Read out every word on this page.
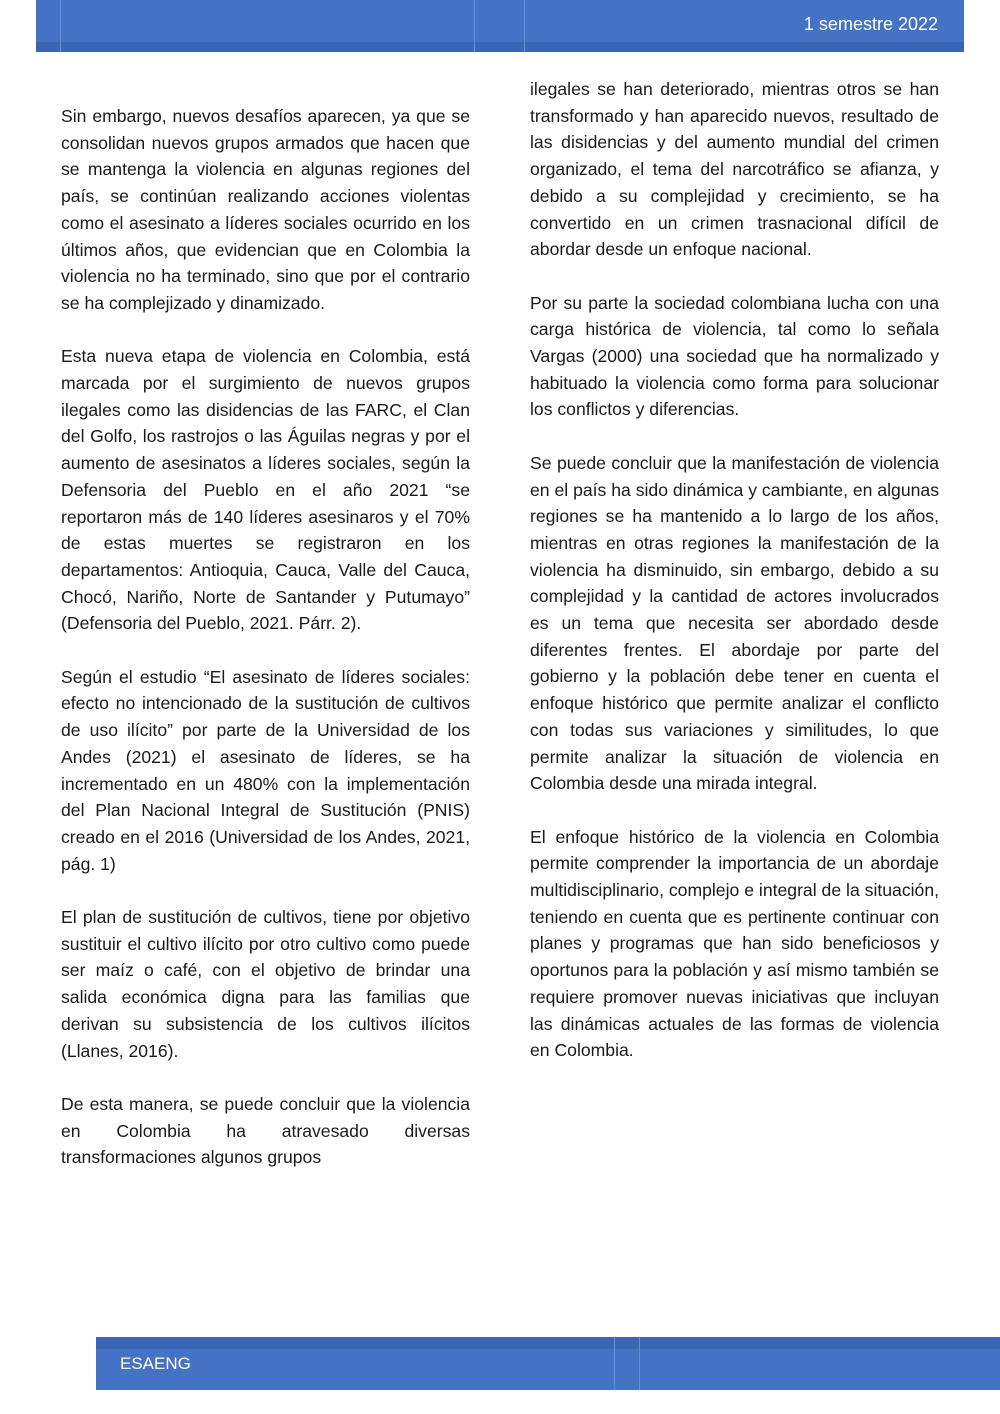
1 semestre 2022

Sin embargo, nuevos desafíos aparecen, ya que se consolidan nuevos grupos armados que hacen que se mantenga la violencia en algunas regiones del país, se continúan realizando acciones violentas como el asesinato a líderes sociales ocurrido en los últimos años, que evidencian que en Colombia la violencia no ha terminado, sino que por el contrario se ha complejizado y dinamizado.

Esta nueva etapa de violencia en Colombia, está marcada por el surgimiento de nuevos grupos ilegales como las disidencias de las FARC, el Clan del Golfo, los rastrojos o las Águilas negras y por el aumento de asesinatos a líderes sociales, según la Defensoria del Pueblo en el año 2021 “se reportaron más de 140 líderes asesinaros y el 70% de estas muertes se registraron en los departamentos: Antioquia, Cauca, Valle del Cauca, Chocó, Nariño, Norte de Santander y Putumayo” (Defensoria del Pueblo, 2021. Párr. 2).

Según el estudio “El asesinato de líderes sociales: efecto no intencionado de la sustitución de cultivos de uso ilícito” por parte de la Universidad de los Andes (2021) el asesinato de líderes, se ha incrementado en un 480% con la implementación del Plan Nacional Integral de Sustitución (PNIS) creado en el 2016 (Universidad de los Andes, 2021, pág. 1)

El plan de sustitución de cultivos, tiene por objetivo sustituir el cultivo ilícito por otro cultivo como puede ser maíz o café, con el objetivo de brindar una salida económica digna para las familias que derivan su subsistencia de los cultivos ilícitos (Llanes, 2016).

De esta manera, se puede concluir que la violencia en Colombia ha atravesado diversas transformaciones algunos grupos

ilegales se han deteriorado, mientras otros se han transformado y han aparecido nuevos, resultado de las disidencias y del aumento mundial del crimen organizado, el tema del narcotráfico se afianza, y debido a su complejidad y crecimiento, se ha convertido en un crimen trasnacional difícil de abordar desde un enfoque nacional.

Por su parte la sociedad colombiana lucha con una carga histórica de violencia, tal como lo señala Vargas (2000) una sociedad que ha normalizado y habituado la violencia como forma para solucionar los conflictos y diferencias.

Se puede concluir que la manifestación de violencia en el país ha sido dinámica y cambiante, en algunas regiones se ha mantenido a lo largo de los años, mientras en otras regiones la manifestación de la violencia ha disminuido, sin embargo, debido a su complejidad y la cantidad de actores involucrados es un tema que necesita ser abordado desde diferentes frentes. El abordaje por parte del gobierno y la población debe tener en cuenta el enfoque histórico que permite analizar el conflicto con todas sus variaciones y similitudes, lo que permite analizar la situación de violencia en Colombia desde una mirada integral.

El enfoque histórico de la violencia en Colombia permite comprender la importancia de un abordaje multidisciplinario, complejo e integral de la situación, teniendo en cuenta que es pertinente continuar con planes y programas que han sido beneficiosos y oportunos para la población y así mismo también se requiere promover nuevas iniciativas que incluyan las dinámicas actuales de las formas de violencia en Colombia.

ESAENG
